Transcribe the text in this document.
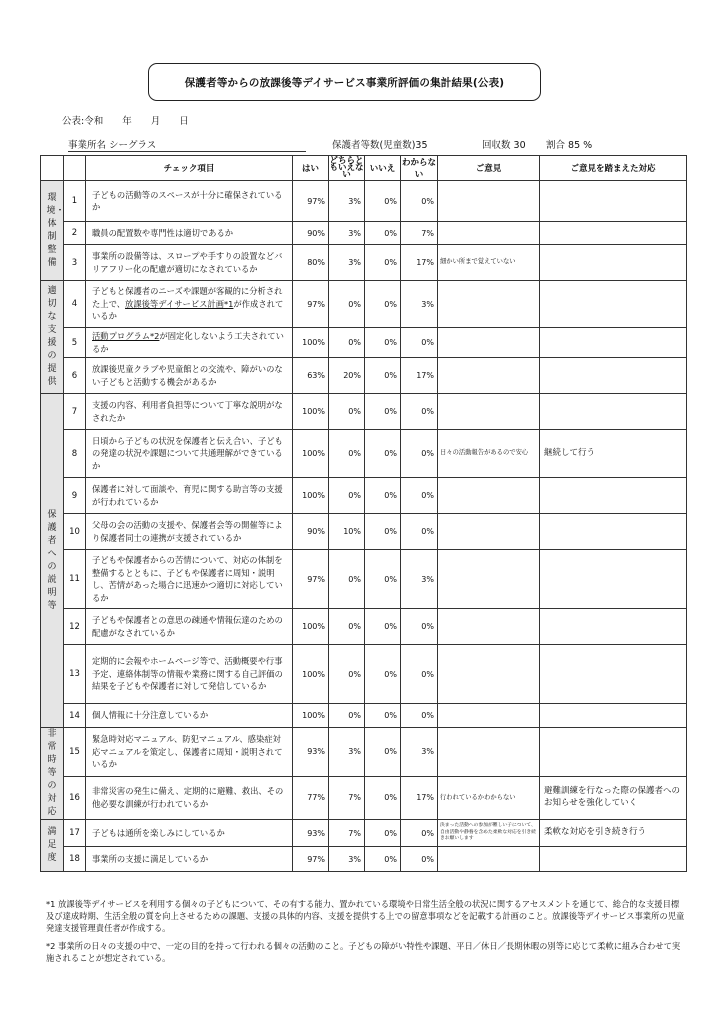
保護者等からの放課後等デイサービス事業所評価の集計結果(公表)
公表:令和　　年　　月　　日
事業所名 シーグラス	保護者等数(児童数)35	回収数 30 割合 85 %
		チェック項目	はい	どちらともいえない	いいえ	わからない	ご意見	ご意見を踏まえた対応
環境・体制整備	1	子どもの活動等のスペースが十分に確保されているか	97%	3%	0%	0%		
	2	職員の配置数や専門性は適切であるか	90%	3%	0%	7%		
	3	事業所の設備等は、スロープや手すりの設置などバリアフリー化の配慮が適切になされているか	80%	3%	0%	17%	細かい所まで覚えていない	
適切な支援の提供	4	子どもと保護者のニーズや課題が客観的に分析された上で、放課後等デイサービス計画*1が作成されているか	97%	0%	0%	3%		
	5	活動プログラム*2が固定化しないよう工夫されているか	100%	0%	0%	0%		
	6	放課後児童クラブや児童館との交流や、障がいのない子どもと活動する機会があるか	63%	20%	0%	17%		
保護者への説明等	7	支援の内容、利用者負担等について丁寧な説明がなされたか	100%	0%	0%	0%		
	8	日頃から子どもの状況を保護者と伝え合い、子どもの発達の状況や課題について共通理解ができているか	100%	0%	0%	0%	日々の活動報告があるので安心	継続して行う
	9	保護者に対して面談や、育児に関する助言等の支援が行われているか	100%	0%	0%	0%		
	10	父母の会の活動の支援や、保護者会等の開催等により保護者同士の連携が支援されているか	90%	10%	0%	0%		
	11	子どもや保護者からの苦情について、対応の体制を整備するとともに、子どもや保護者に周知・説明し、苦情があった場合に迅速かつ適切に対応しているか	97%	0%	0%	3%		
	12	子どもや保護者との意思の疎通や情報伝達のための配慮がなされているか	100%	0%	0%	0%		
	13	定期的に会報やホームページ等で、活動概要や行事予定、連絡体制等の情報や業務に関する自己評価の結果を子どもや保護者に対して発信しているか	100%	0%	0%	0%		
	14	個人情報に十分注意しているか	100%	0%	0%	0%		
非常時等の対応	15	緊急時対応マニュアル、防犯マニュアル、感染症対応マニュアルを策定し、保護者に周知・説明されているか	93%	3%	0%	3%		
	16	非常災害の発生に備え、定期的に避難、救出、その他必要な訓練が行われているか	77%	7%	0%	17%	行われているかわからない	避難訓練を行なった際の保護者へのお知らせを強化していく
満足度	17	子どもは通所を楽しみにしているか	93%	7%	0%	0%	決まった活動への参加が難しい子について、自由活動や静養を含めた柔軟な対応を引き続きお願いします	柔軟な対応を引き続き行う
	18	事業所の支援に満足しているか	97%	3%	0%	0%		
*1 放課後等デイサービスを利用する個々の子どもについて、その有する能力、置かれている環境や日常生活全般の状況に関するアセスメントを通じて、総合的な支援目標及び達成時期、生活全般の質を向上させるための課題、支援の具体的内容、支援を提供する上での留意事項などを記載する計画のこと。放課後等デイサービス事業所の児童発達支援管理責任者が作成する。
*2 事業所の日々の支援の中で、一定の目的を持って行われる個々の活動のこと。子どもの障がい特性や課題、平日／休日／長期休暇の別等に応じて柔軟に組み合わせて実施されることが想定されている。
